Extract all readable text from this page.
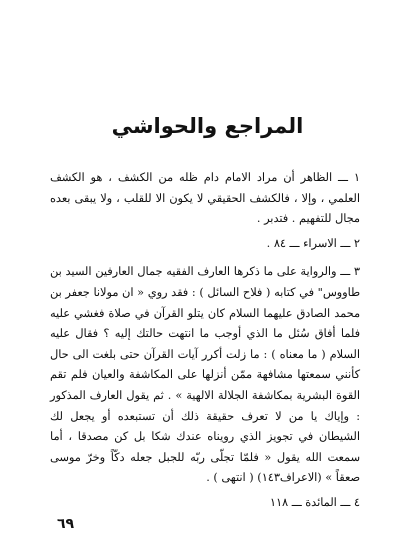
المراجع والحواشي

١ ـــ الظاهر أن مراد الامام دام ظله من الكشف ، هو الكشف العلمي ، وإلا ، فالكشف الحقيقي لا يكون الا للقلب ، ولا يبقى بعده مجال للتفهيم . فتدبر .

٢ ـــ الاسراء ـــ ٨٤ .

٣ ـــ والرواية على ما ذكرها العارف الفقيه جمال العارفين السيد بن طاووس" في كتابه ( فلاح السائل ) : فقد روي « ان مولانا جعفر بن محمد الصادق عليهما السلام كان يتلو القرآن في صلاة فغشي عليه فلما أفاق سُئل ما الذي أوجب ما انتهت حالتك إليه ؟ فقال عليه السلام ( ما معناه ) : ما زلت أكرر آيات القرآن حتى بلغت الى حال كأنني سمعتها مشافهة ممّن أنزلها على المكاشفة والعيان فلم تقم القوة البشرية بمكاشفة الجلالة الالهية » . ثم يقول العارف المذكور : وإياك يا من لا تعرف حقيقة ذلك أن تستبعده أو يجعل لك الشيطان في تجويز الذي رويناه عندك شكا بل كن مصدقا ، أما سمعت الله يقول « فلمّا تجلّى ربّه للجبل جعله دكّاً وخرّ موسى صعقاً » (الاعراف١٤٣) ( انتهى ) .

٤ ـــ المائدة ـــ ١١٨

٦٩
